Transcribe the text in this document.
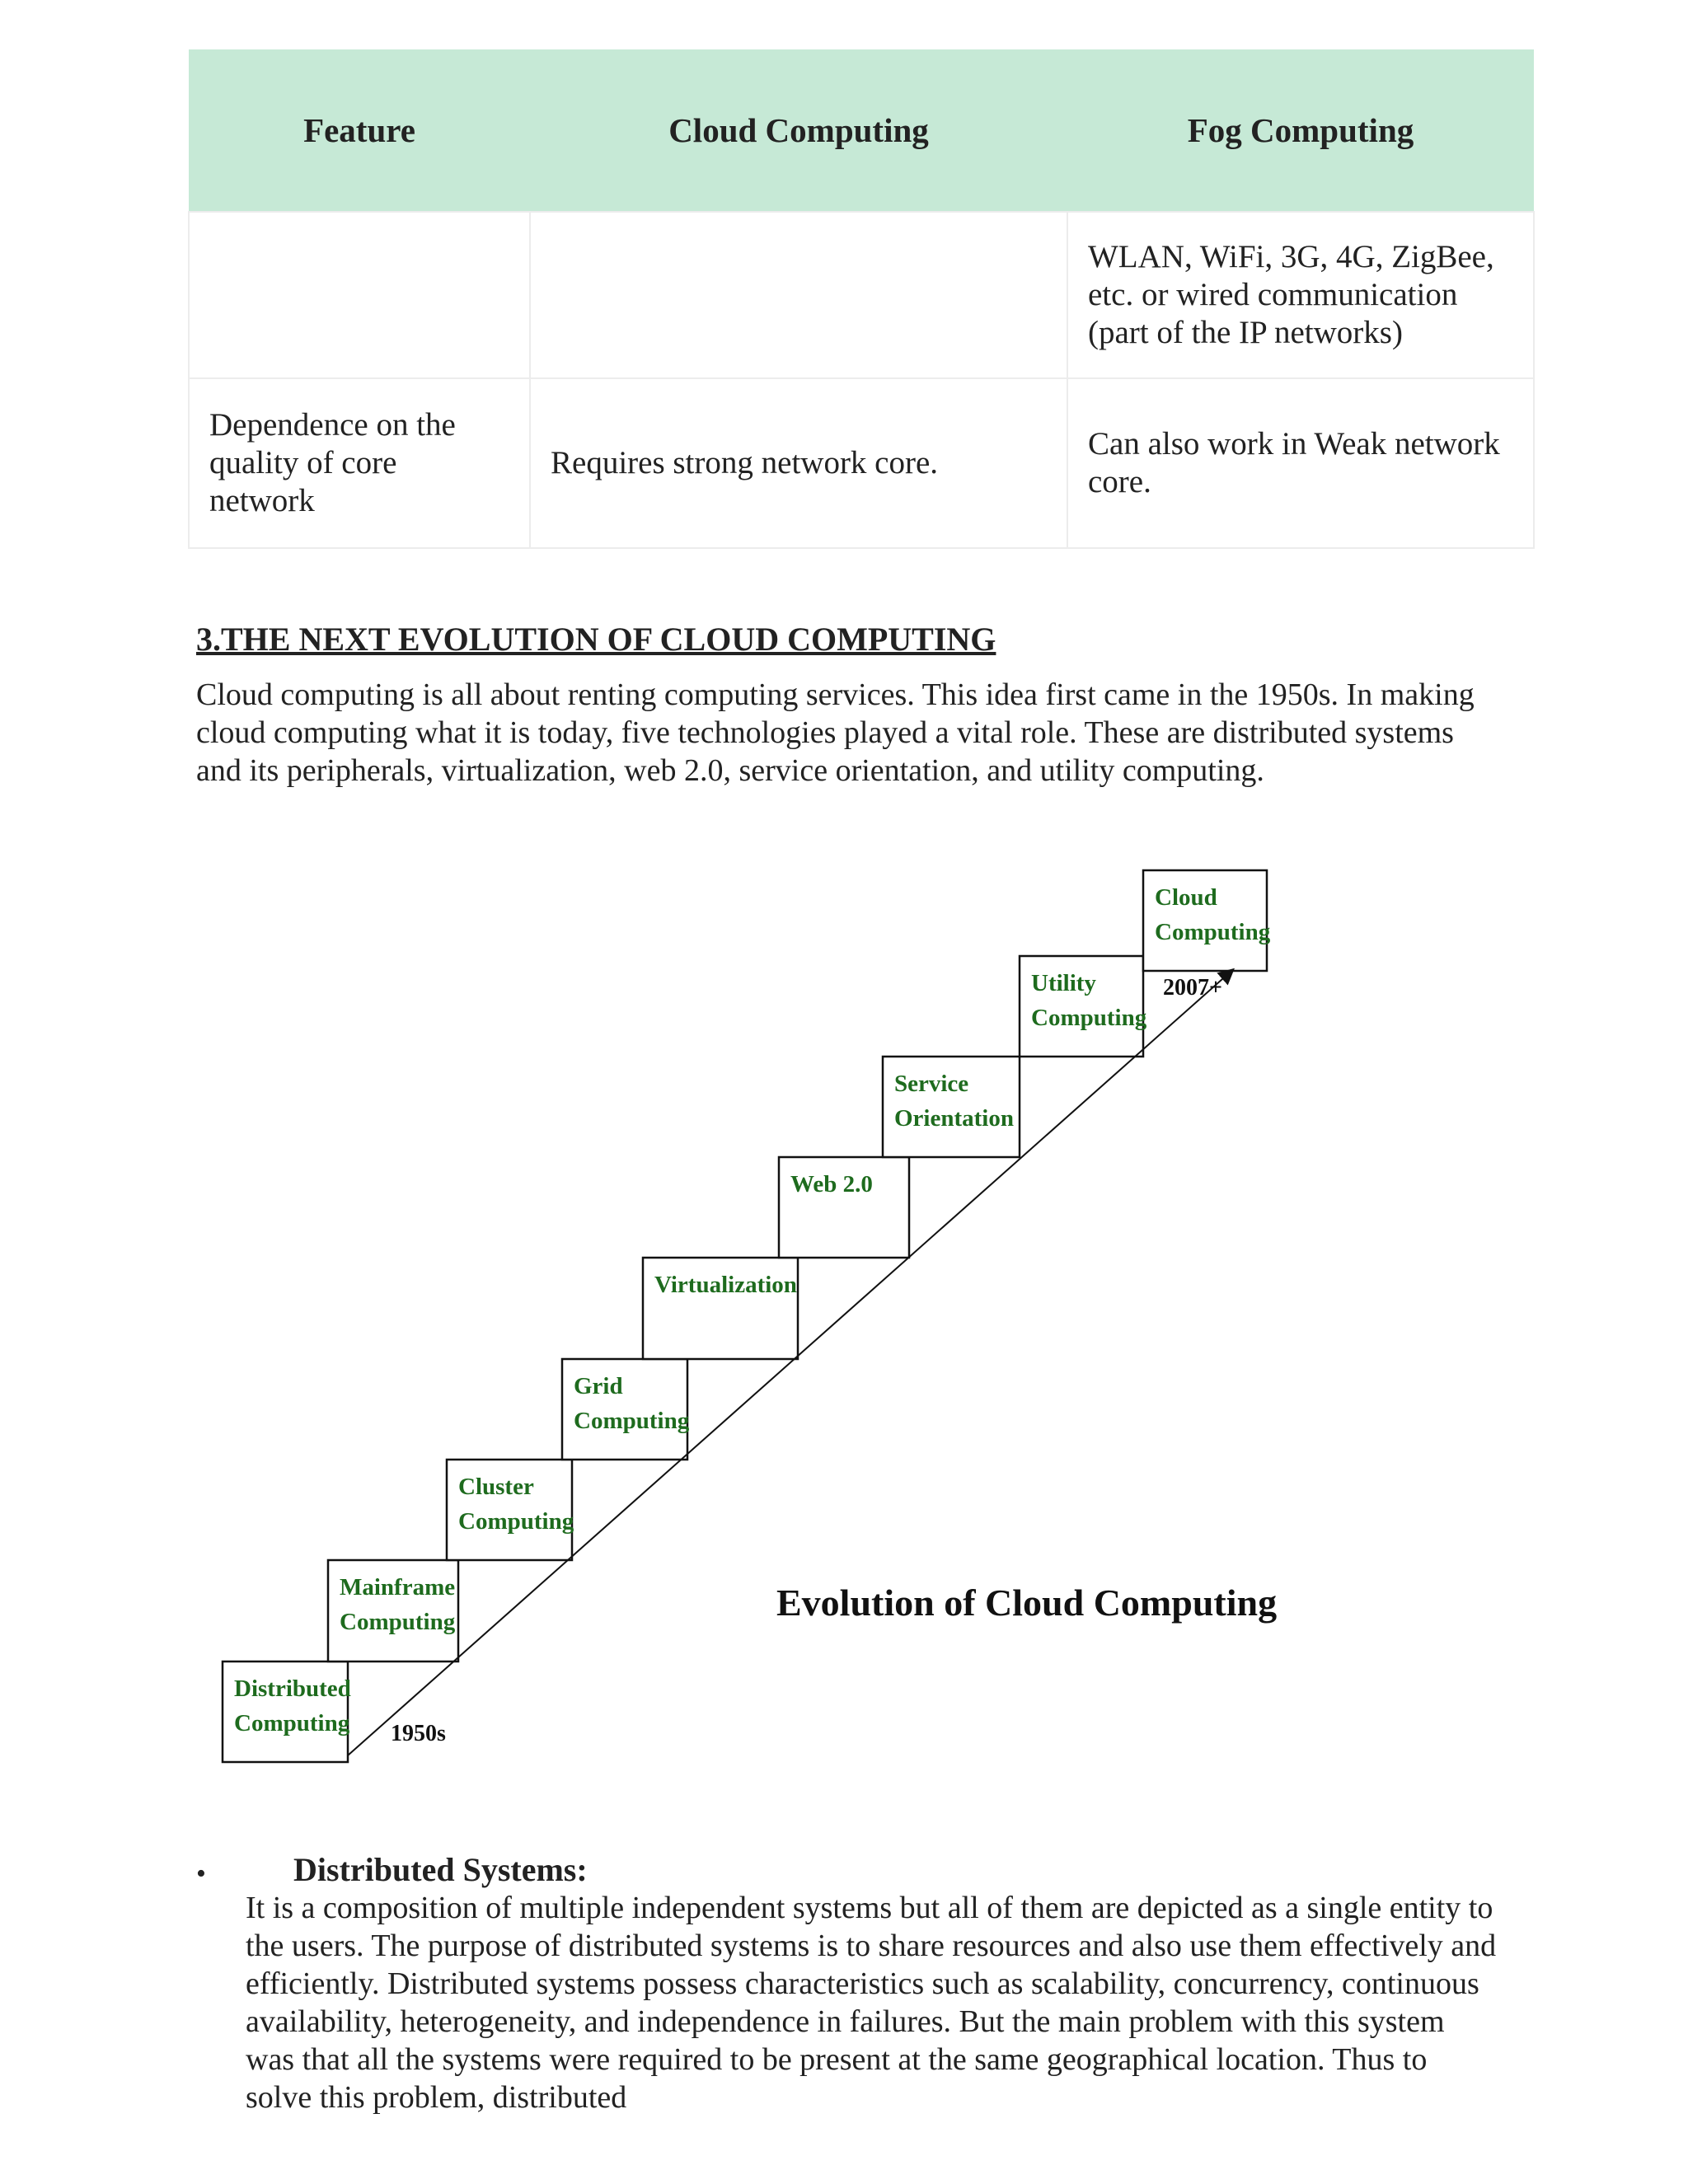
Feature	Cloud Computing	Fog Computing
		WLAN, WiFi, 3G, 4G, ZigBee, etc. or wired communication (part of the IP networks)
Dependence on the quality of core network	Requires strong network core.	Can also work in Weak network core.
3.THE NEXT EVOLUTION OF CLOUD COMPUTING

Cloud computing is all about renting computing services. This idea first came in the 1950s. In making cloud computing what it is today, five technologies played a vital role. These are distributed systems and its peripherals, virtualization, web 2.0, service orientation, and utility computing.

Distributed
Computing
Mainframe
Computing
Cluster
Computing
Grid
Computing
Virtualization
Web 2.0
Service
Orientation
Utility
Computing
Cloud
Computing
1950s
2007+
Evolution of Cloud Computing
•	Distributed Systems:

It is a composition of multiple independent systems but all of them are depicted as a single entity to the users. The purpose of distributed systems is to share resources and also use them effectively and efficiently. Distributed systems possess characteristics such as scalability, concurrency, continuous availability, heterogeneity, and independence in failures. But the main problem with this system was that all the systems were required to be present at the same geographical location. Thus to solve this problem, distributed
